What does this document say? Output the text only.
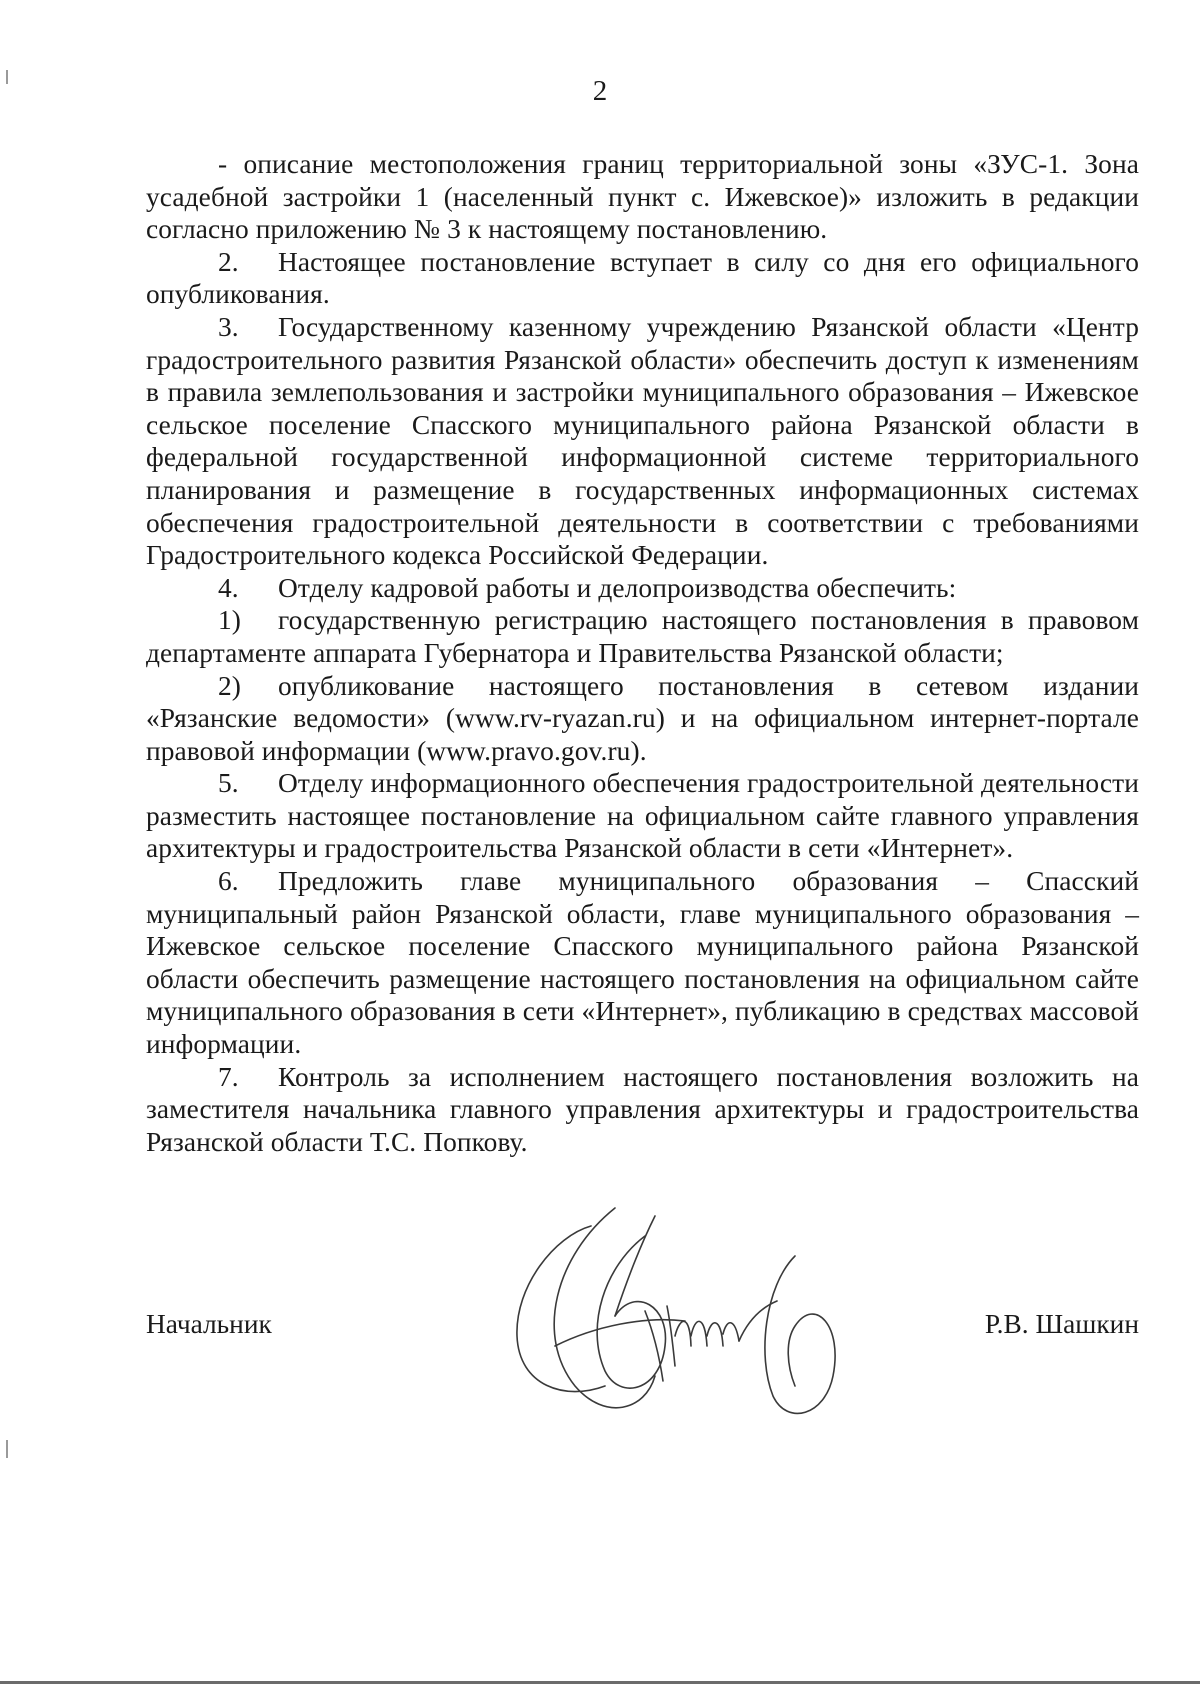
2

- описание местоположения границ территориальной зоны «ЗУС-1. Зона усадебной застройки 1 (населенный пункт с. Ижевское)» изложить в редакции согласно приложению № 3 к настоящему постановлению.

2. Настоящее постановление вступает в силу со дня его официального опубликования.

3. Государственному казенному учреждению Рязанской области «Центр градостроительного развития Рязанской области» обеспечить доступ к изменениям в правила землепользования и застройки муниципального образования – Ижевское сельское поселение Спасского муниципального района Рязанской области в федеральной государственной информационной системе территориального планирования и размещение в государственных информационных системах обеспечения градостроительной деятельности в соответствии с требованиями Градостроительного кодекса Российской Федерации.

4. Отделу кадровой работы и делопроизводства обеспечить:

1) государственную регистрацию настоящего постановления в правовом департаменте аппарата Губернатора и Правительства Рязанской области;

2) опубликование настоящего постановления в сетевом издании «Рязанские ведомости» (www.rv-ryazan.ru) и на официальном интернет-портале правовой информации (www.pravo.gov.ru).

5. Отделу информационного обеспечения градостроительной деятельности разместить настоящее постановление на официальном сайте главного управления архитектуры и градостроительства Рязанской области в сети «Интернет».

6. Предложить главе муниципального образования – Спасский муниципальный район Рязанской области, главе муниципального образования – Ижевское сельское поселение Спасского муниципального района Рязанской области обеспечить размещение настоящего постановления на официальном сайте муниципального образования в сети «Интернет», публикацию в средствах массовой информации.

7. Контроль за исполнением настоящего постановления возложить на заместителя начальника главного управления архитектуры и градостроительства Рязанской области Т.С. Попкову.

Начальник	Р.В. Шашкин
